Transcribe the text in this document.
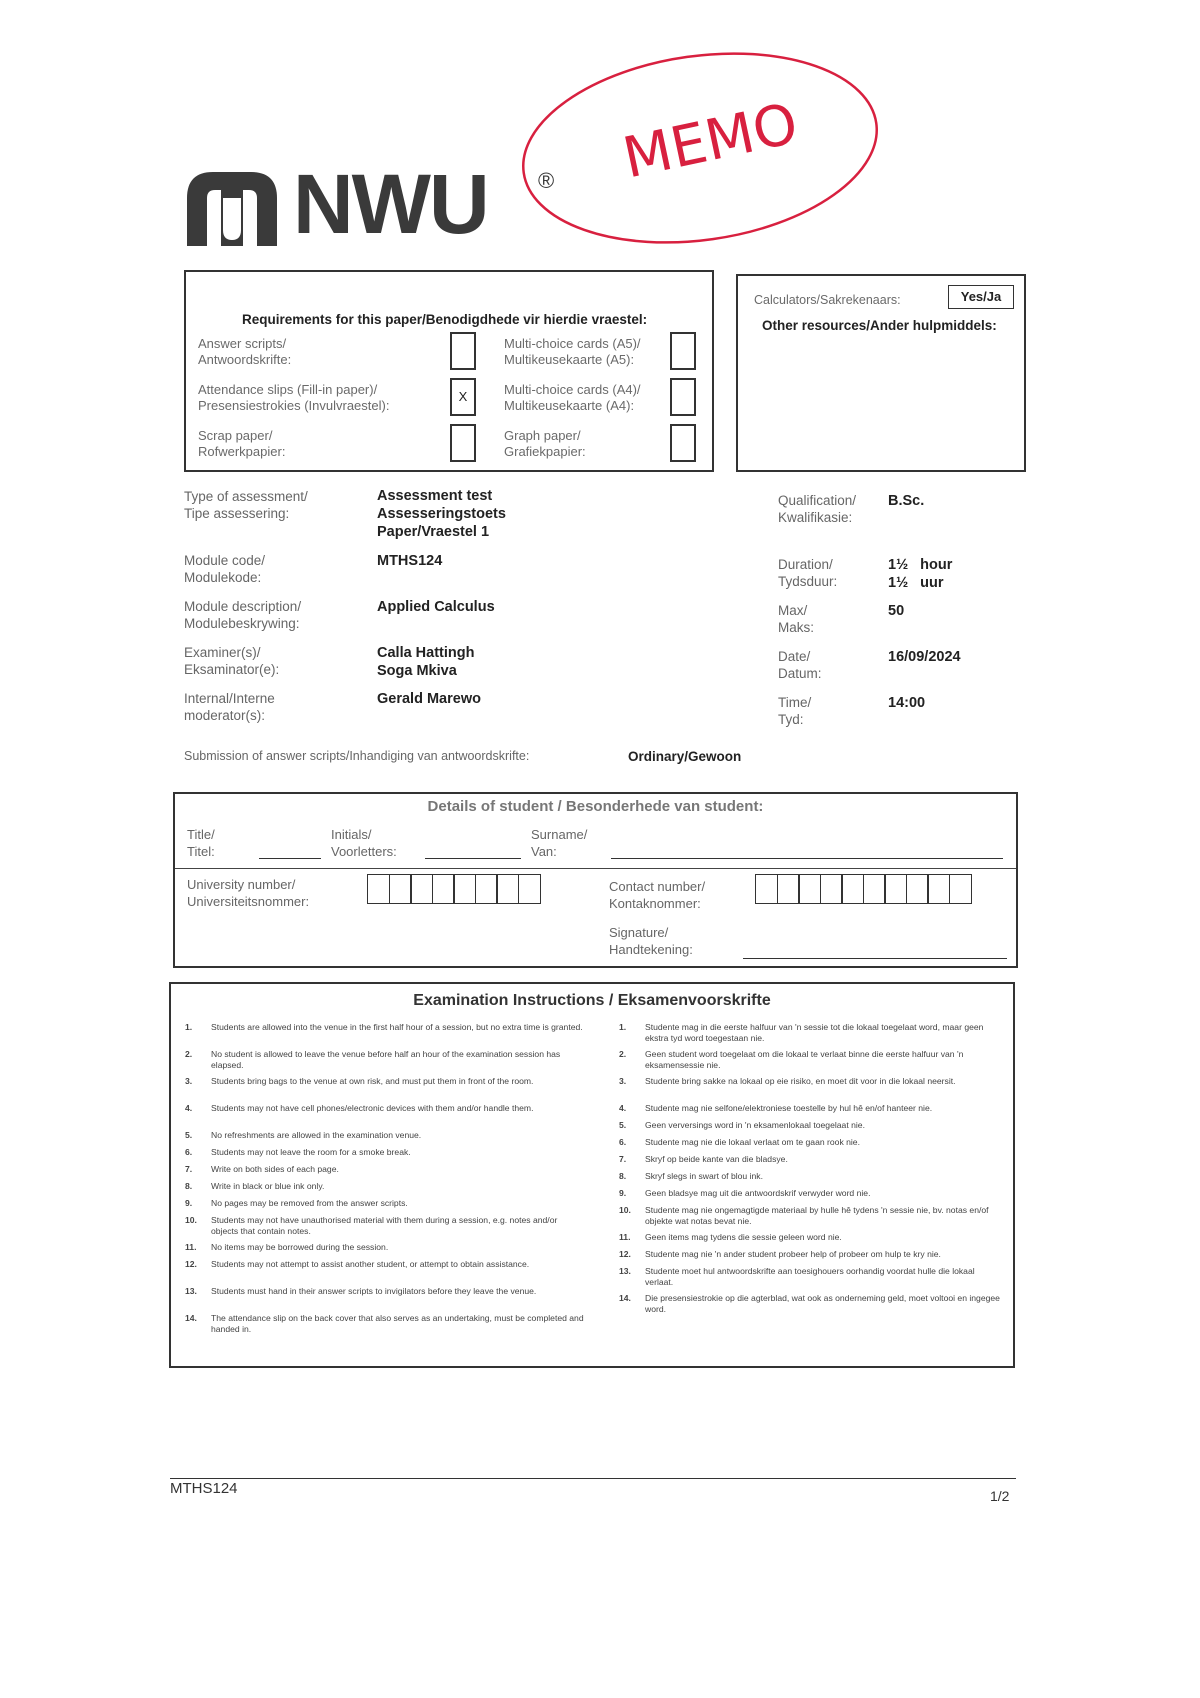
NWU ® MEMO
Requirements for this paper/Benodigdhede vir hierdie vraestel:
Answer scripts/
Antwoordskrifte:
Attendance slips (Fill-in paper)/
Presensiestrokies (Invulvraestel):
X
Scrap paper/
Rofwerkpapier:
Multi-choice cards (A5)/
Multikeusekaarte (A5):
Multi-choice cards (A4)/
Multikeusekaarte (A4):
Graph paper/
Grafiekpapier:
Calculators/Sakrekenaars:	Yes/Ja
Other resources/Ander hulpmiddels:
Type of assessment/
Tipe assessering:
Assessment test
Assesseringstoets
Paper/Vraestel 1
Module code/
Modulekode:
MTHS124
Module description/
Modulebeskrywing:
Applied Calculus
Examiner(s)/
Eksaminator(e):
Calla Hattingh
Soga Mkiva
Internal/Interne
moderator(s):
Gerald Marewo
Qualification/
Kwalifikasie:
B.Sc.
Duration/
Tydsduur:
1½ hour
1½ uur
Max/
Maks:
50
Date/
Datum:
16/09/2024
Time/
Tyd:
14:00
Submission of answer scripts/Inhandiging van antwoordskrifte:	Ordinary/Gewoon
Details of student / Besonderhede van student:
Title/
Titel:
Initials/
Voorletters:
Surname/
Van:
University number/
Universiteitsnommer:
Contact number/
Kontaknommer:
Signature/
Handtekening:
Examination Instructions / Eksamenvoorskrifte
1. Students are allowed into the venue in the first half hour of a session, but no extra time is granted.
2. No student is allowed to leave the venue before half an hour of the examination session has elapsed.
3. Students bring bags to the venue at own risk, and must put them in front of the room.
4. Students may not have cell phones/electronic devices with them and/or handle them.
5. No refreshments are allowed in the examination venue.
6. Students may not leave the room for a smoke break.
7. Write on both sides of each page.
8. Write in black or blue ink only.
9. No pages may be removed from the answer scripts.
10. Students may not have unauthorised material with them during a session, e.g. notes and/or objects that contain notes.
11. No items may be borrowed during the session.
12. Students may not attempt to assist another student, or attempt to obtain assistance.
13. Students must hand in their answer scripts to invigilators before they leave the venue.
14. The attendance slip on the back cover that also serves as an undertaking, must be completed and handed in.
1. Studente mag in die eerste halfuur van 'n sessie tot die lokaal toegelaat word, maar geen ekstra tyd word toegestaan nie.
2. Geen student word toegelaat om die lokaal te verlaat binne die eerste halfuur van 'n eksamensessie nie.
3. Studente bring sakke na lokaal op eie risiko, en moet dit voor in die lokaal neersit.
4. Studente mag nie selfone/elektroniese toestelle by hul hê en/of hanteer nie.
5. Geen verversings word in 'n eksamenlokaal toegelaat nie.
6. Studente mag nie die lokaal verlaat om te gaan rook nie.
7. Skryf op beide kante van die bladsye.
8. Skryf slegs in swart of blou ink.
9. Geen bladsye mag uit die antwoordskrif verwyder word nie.
10. Studente mag nie ongemagtigde materiaal by hulle hê tydens 'n sessie nie, bv. notas en/of objekte wat notas bevat nie.
11. Geen items mag tydens die sessie geleen word nie.
12. Studente mag nie 'n ander student probeer help of probeer om hulp te kry nie.
13. Studente moet hul antwoordskrifte aan toesighouers oorhandig voordat hulle die lokaal verlaat.
14. Die presensiestrokie op die agterblad, wat ook as onderneming geld, moet voltooi en ingegee word.
MTHS124	1/2
